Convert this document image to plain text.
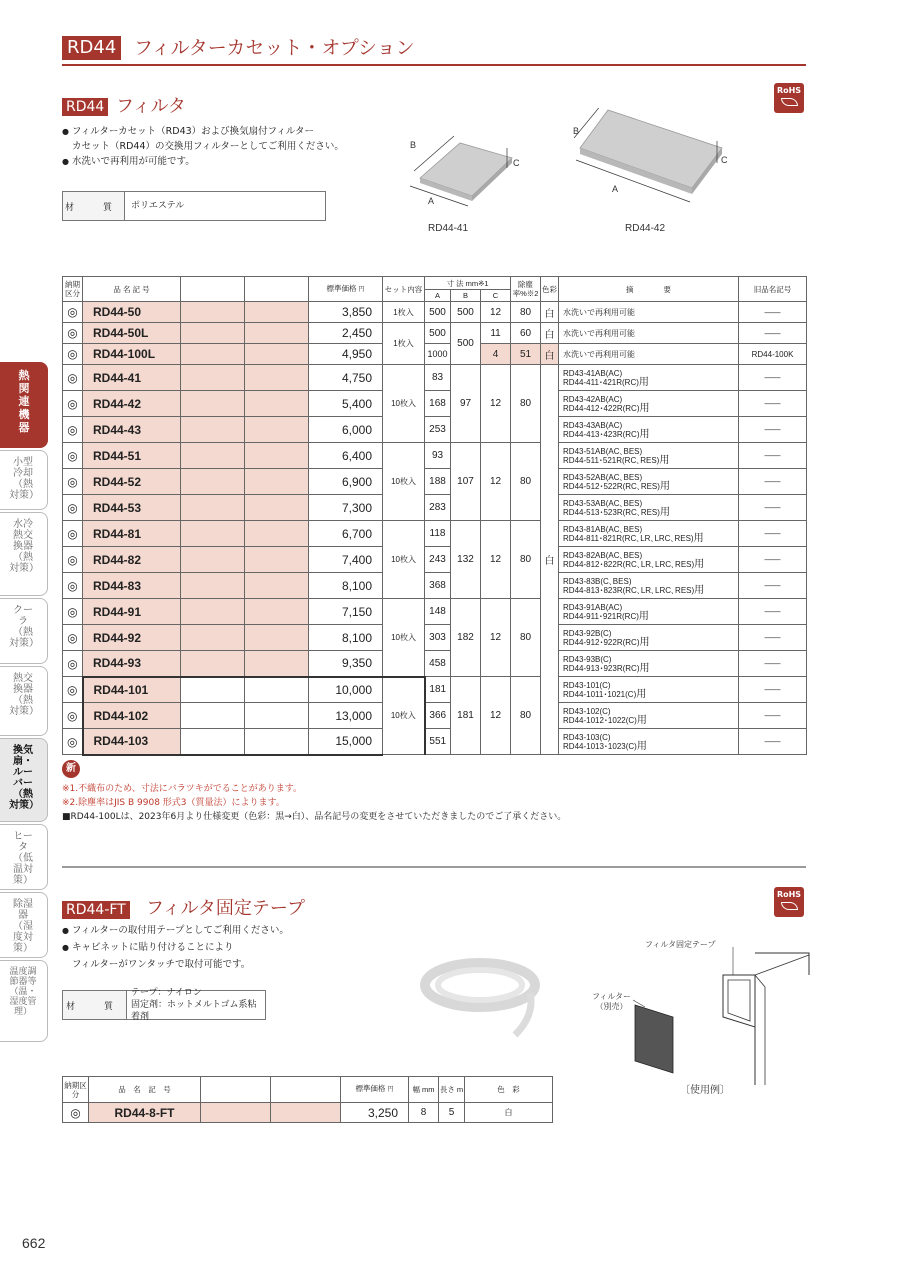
RD44 フィルターカセット・オプション
RD44 フィルタ
RoHS
● フィルターカセット（RD43）および換気扇付フィルター
カセット（RD44）の交換用フィルターとしてご利用ください。
● 水洗いで再利用が可能です。
材　質	ポリエステル
B
C
A
B
C
A
RD44-41	RD44-42
納期区分	品 名 記 号			標準価格 円	セット内容	寸 法 mm※1			除塵率%※2	色彩	摘　　　　要	旧品名記号
						A	B	C				
◎	RD44-50			3,850	1枚入	500	500	12	80	白	水洗いで再利用可能	——
◎	RD44-50L			2,450	1枚入	500	500	11	60	白	水洗いで再利用可能	——
◎	RD44-100L			4,950		1000		4	51	白	水洗いで再利用可能	RD44-100K
◎	RD44-41			4,750	10枚入	83	97	12	80	白	RD43-41AB(AC)
RD44-411･421R(RC)用	——
◎	RD44-42			5,400		168					RD43-42AB(AC)
RD44-412･422R(RC)用	——
◎	RD44-43			6,000		253					RD43-43AB(AC)
RD44-413･423R(RC)用	——
◎	RD44-51			6,400	10枚入	93	107	12	80		RD43-51AB(AC､BES)
RD44-511･521R(RC､RES)用	——
◎	RD44-52			6,900		188					RD43-52AB(AC､BES)
RD44-512･522R(RC､RES)用	——
◎	RD44-53			7,300		283					RD43-53AB(AC､BES)
RD44-513･523R(RC､RES)用	——
◎	RD44-81			6,700	10枚入	118	132	12	80		RD43-81AB(AC､BES)
RD44-811･821R(RC､LR､LRC､RES)用	——
◎	RD44-82			7,400		243					RD43-82AB(AC､BES)
RD44-812･822R(RC､LR､LRC､RES)用	——
◎	RD44-83			8,100		368					RD43-83B(C､BES)
RD44-813･823R(RC､LR､LRC､RES)用	——
◎	RD44-91			7,150	10枚入	148	182	12	80		RD43-91AB(AC)
RD44-911･921R(RC)用	——
◎	RD44-92			8,100		303					RD43-92B(C)
RD44-912･922R(RC)用	——
◎	RD44-93			9,350		458					RD43-93B(C)
RD44-913･923R(RC)用	——
◎	RD44-101			10,000	10枚入	181	181	12	80		RD43-101(C)
RD44-1011･1021(C)用	——
◎	RD44-102			13,000		366					RD43-102(C)
RD44-1012･1022(C)用	——
◎	RD44-103			15,000		551					RD43-103(C)
RD44-1013･1023(C)用	——
新
※1.不織布のため、寸法にバラツキがでることがあります。
※2.除塵率はJIS B 9908 形式3（質量法）によります。
■RD44-100Lは、2023年6月より仕様変更（色彩：黒→白）、品名記号の変更をさせていただきましたのでご了承ください。
RD44-FT フィルタ固定テープ
RoHS
● フィルターの取付用テープとしてご利用ください。
● キャビネットに貼り付けることにより
フィルターがワンタッチで取付可能です。
材　質
テープ：ナイロン
固定剤：ホットメルトゴム系粘着剤
フィルタ固定テープ
フィルター
（別売）
〔使用例〕
納期区分	品　名　記　号			標準価格 円	幅 mm	長さ m	色　彩
◎	RD44-8-FT			3,250	8	5	白
熱関連機器
小型冷却（熱対策）
水冷熱交換器（熱対策）
クーラ（熱対策）
熱交換器（熱対策）
換気扇・ルーバー（熱対策）
ヒータ（低温対策）
除湿器（湿度対策）
温度調節器等（温・湿度管理）
662
